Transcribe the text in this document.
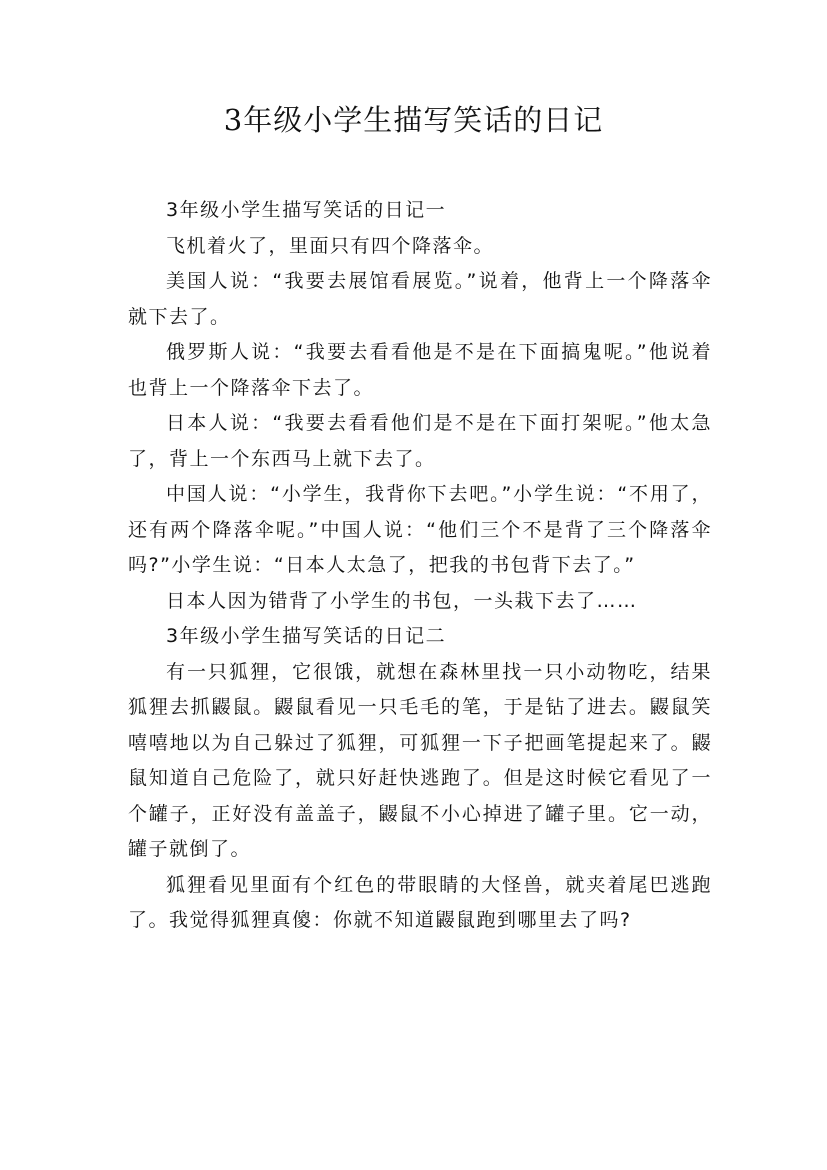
3年级小学生描写笑话的日记

3年级小学生描写笑话的日记一

飞机着火了，里面只有四个降落伞。

美国人说：“我要去展馆看展览。”说着，他背上一个降落伞就下去了。

俄罗斯人说：“我要去看看他是不是在下面搞鬼呢。”他说着也背上一个降落伞下去了。

日本人说：“我要去看看他们是不是在下面打架呢。”他太急了，背上一个东西马上就下去了。

中国人说：“小学生，我背你下去吧。”小学生说：“不用了，还有两个降落伞呢。”中国人说：“他们三个不是背了三个降落伞吗?”小学生说：“日本人太急了，把我的书包背下去了。”

日本人因为错背了小学生的书包，一头栽下去了……

3年级小学生描写笑话的日记二

有一只狐狸，它很饿，就想在森林里找一只小动物吃，结果狐狸去抓鼹鼠。鼹鼠看见一只毛毛的笔，于是钻了进去。鼹鼠笑嘻嘻地以为自己躲过了狐狸，可狐狸一下子把画笔提起来了。鼹鼠知道自己危险了，就只好赶快逃跑了。但是这时候它看见了一个罐子，正好没有盖盖子，鼹鼠不小心掉进了罐子里。它一动，罐子就倒了。

狐狸看见里面有个红色的带眼睛的大怪兽，就夹着尾巴逃跑了。我觉得狐狸真傻：你就不知道鼹鼠跑到哪里去了吗?
